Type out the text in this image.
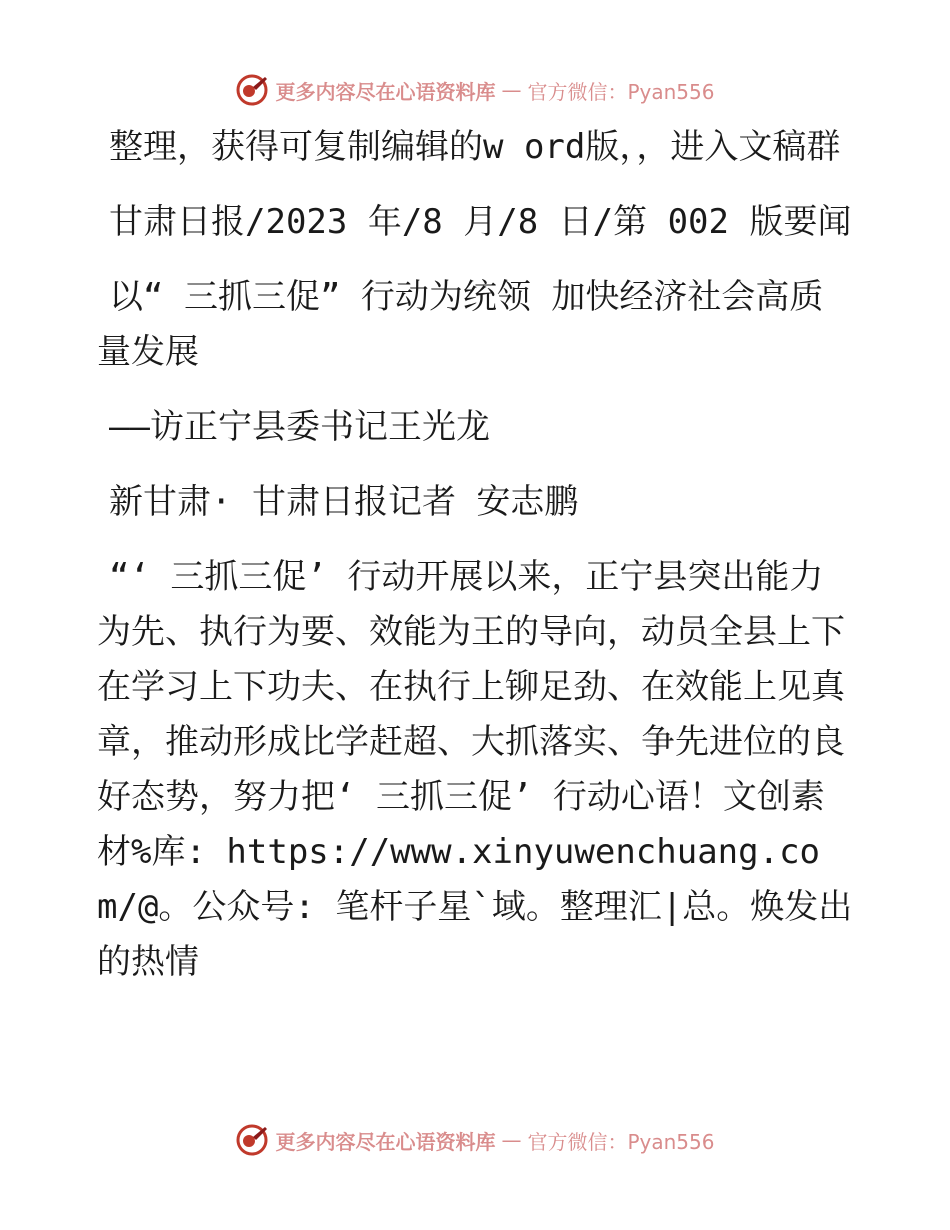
更多内容尽在心语资料库 — 官方微信：Pyan556

整理，获得可复制编辑的w ord版，，进入文稿群

甘肃日报/2023 年/8 月/8 日/第 002 版要闻

以“ 三抓三促” 行动为统领 加快经济社会高质量发展

——访正宁县委书记王光龙

新甘肃· 甘肃日报记者 安志鹏

“‘ 三抓三促’ 行动开展以来，正宁县突出能力为先、执行为要、效能为王的导向，动员全县上下在学习上下功夫、在执行上铆足劲、在效能上见真章，推动形成比学赶超、大抓落实、争先进位的良好态势，努力把‘ 三抓三促’ 行动心语！文创素材%库: https://www.xinyuwenchuang.com/@。公众号: 笔杆子星`域。整理汇|总。焕发出的热情

更多内容尽在心语资料库 — 官方微信：Pyan556
